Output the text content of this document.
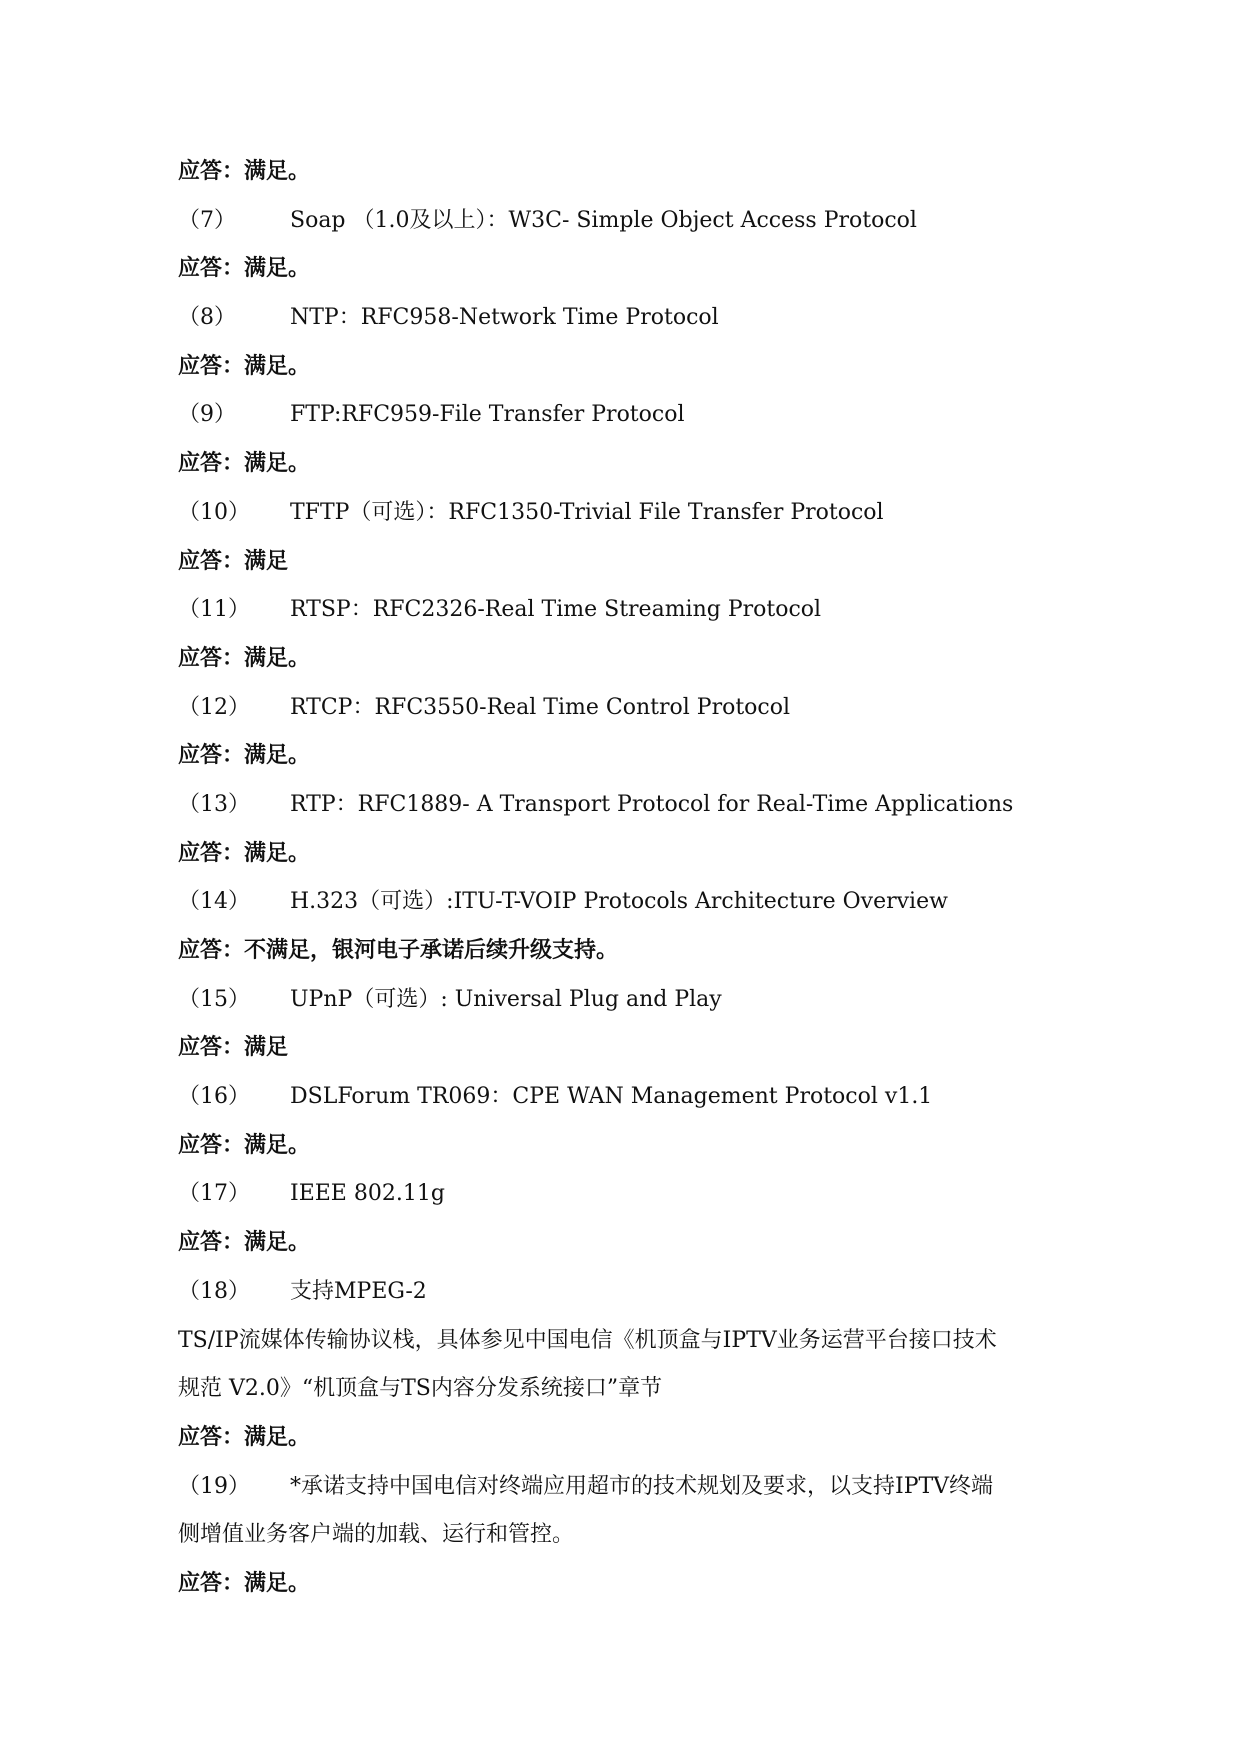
应答：满足。
（7） Soap （1.0及以上）：W3C- Simple Object Access Protocol
应答：满足。
（8） NTP：RFC958-Network Time Protocol
应答：满足。
（9） FTP:RFC959-File Transfer Protocol
应答：满足。
（10） TFTP（可选）：RFC1350-Trivial File Transfer Protocol
应答：满足
（11） RTSP：RFC2326-Real Time Streaming Protocol
应答：满足。
（12） RTCP：RFC3550-Real Time Control Protocol
应答：满足。
（13） RTP：RFC1889- A Transport Protocol for Real-Time Applications
应答：满足。
（14） H.323（可选）:ITU-T-VOIP Protocols Architecture Overview
应答：不满足，银河电子承诺后续升级支持。
（15） UPnP（可选）: Universal Plug and Play
应答：满足
（16） DSLForum TR069：CPE WAN Management Protocol v1.1
应答：满足。
（17） IEEE 802.11g
应答：满足。
（18） 支持MPEG-2
TS/IP流媒体传输协议栈，具体参见中国电信《机顶盒与IPTV业务运营平台接口技术
规范 V2.0》“机顶盒与TS内容分发系统接口”章节
应答：满足。
（19） *承诺支持中国电信对终端应用超市的技术规划及要求，以支持IPTV终端
侧增值业务客户端的加载、运行和管控。
应答：满足。
